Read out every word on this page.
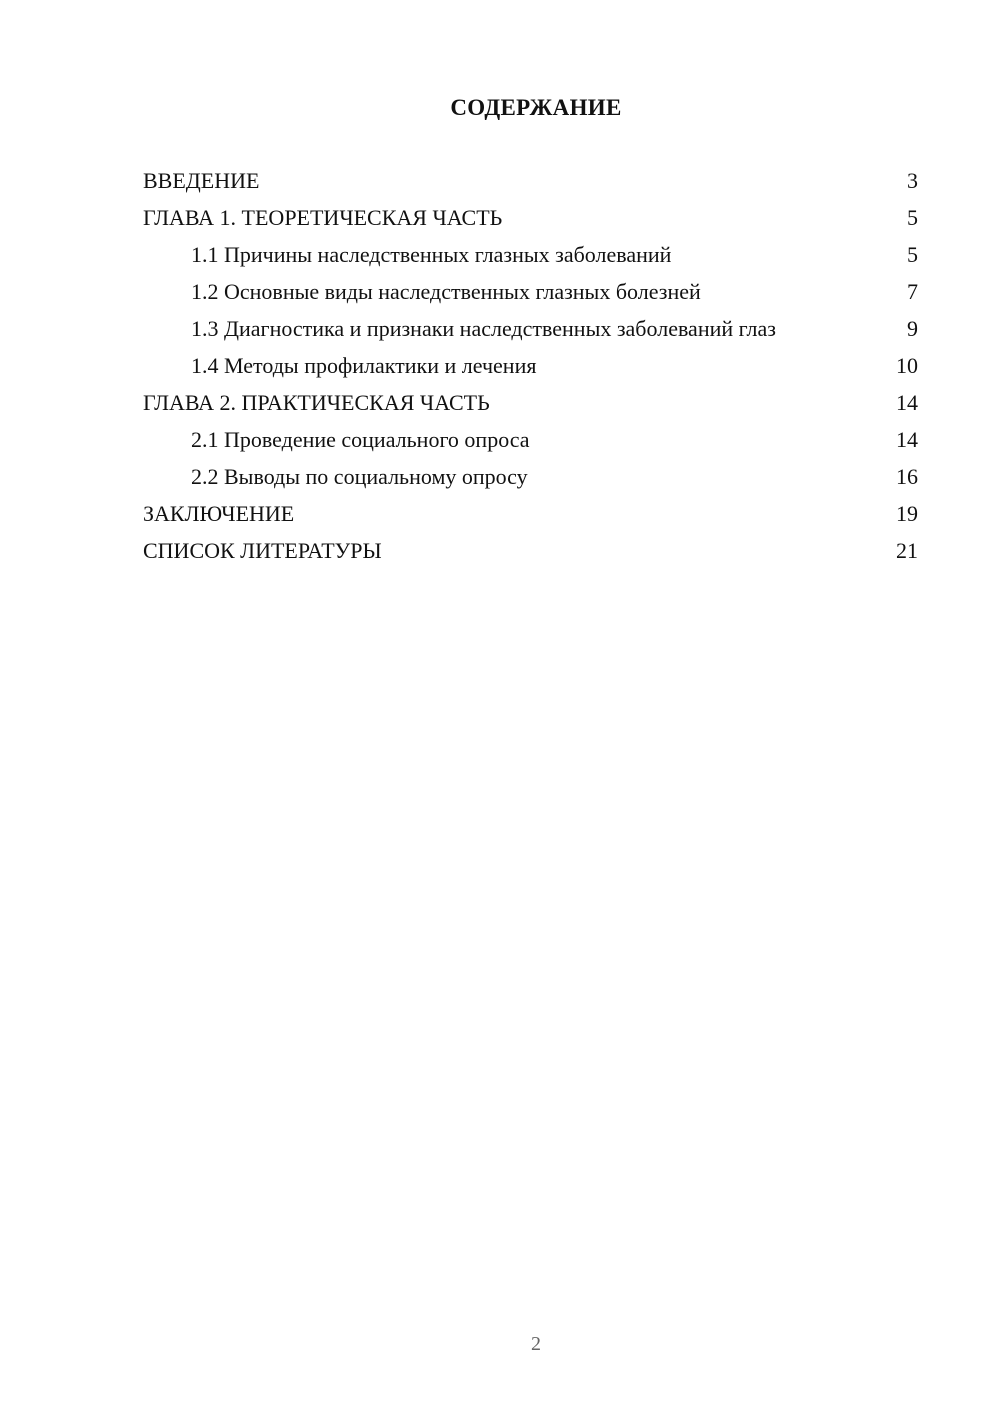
СОДЕРЖАНИЕ
ВВЕДЕНИЕ	3
ГЛАВА 1. ТЕОРЕТИЧЕСКАЯ ЧАСТЬ	5
1.1 Причины наследственных глазных заболеваний	5
1.2 Основные виды наследственных глазных болезней	7
1.3 Диагностика и признаки наследственных заболеваний глаз	9
1.4 Методы профилактики и лечения	10
ГЛАВА 2. ПРАКТИЧЕСКАЯ ЧАСТЬ	14
2.1 Проведение социального опроса	14
2.2 Выводы по социальному опросу	16
ЗАКЛЮЧЕНИЕ	19
СПИСОК ЛИТЕРАТУРЫ	21
2
